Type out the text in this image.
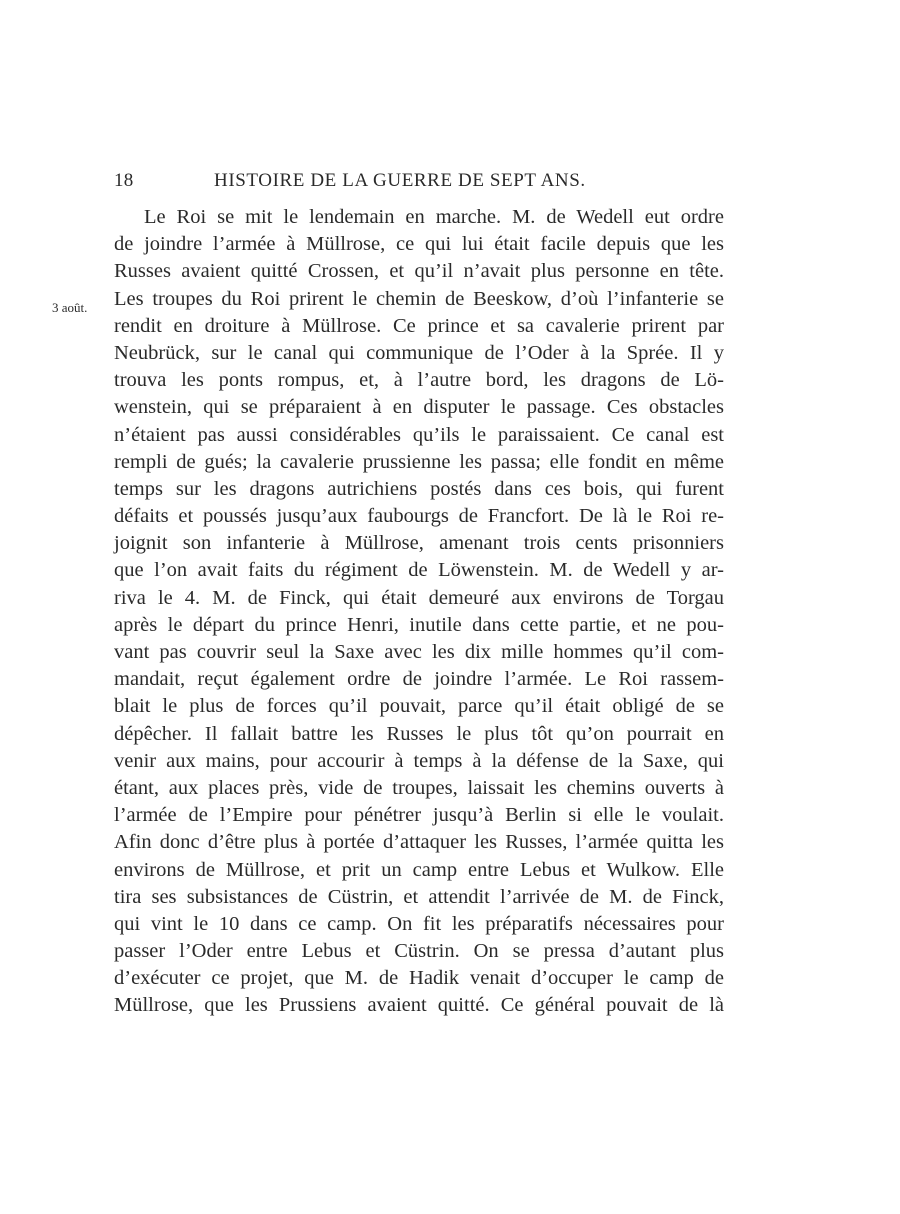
18	HISTOIRE DE LA GUERRE DE SEPT ANS.
3 août.
Le Roi se mit le lendemain en marche. M. de Wedell eut ordre
de joindre l’armée à Müllrose, ce qui lui était facile depuis que les
Russes avaient quitté Crossen, et qu’il n’avait plus personne en tête.
Les troupes du Roi prirent le chemin de Beeskow, d’où l’infanterie se
rendit en droiture à Müllrose. Ce prince et sa cavalerie prirent par
Neubrück, sur le canal qui communique de l’Oder à la Sprée. Il y
trouva les ponts rompus, et, à l’autre bord, les dragons de Lö-
wenstein, qui se préparaient à en disputer le passage. Ces obstacles
n’étaient pas aussi considérables qu’ils le paraissaient. Ce canal est
rempli de gués; la cavalerie prussienne les passa; elle fondit en même
temps sur les dragons autrichiens postés dans ces bois, qui furent
défaits et poussés jusqu’aux faubourgs de Francfort. De là le Roi re-
joignit son infanterie à Müllrose, amenant trois cents prisonniers
que l’on avait faits du régiment de Löwenstein. M. de Wedell y ar-
riva le 4. M. de Finck, qui était demeuré aux environs de Torgau
après le départ du prince Henri, inutile dans cette partie, et ne pou-
vant pas couvrir seul la Saxe avec les dix mille hommes qu’il com-
mandait, reçut également ordre de joindre l’armée. Le Roi rassem-
blait le plus de forces qu’il pouvait, parce qu’il était obligé de se
dépêcher. Il fallait battre les Russes le plus tôt qu’on pourrait en
venir aux mains, pour accourir à temps à la défense de la Saxe, qui
étant, aux places près, vide de troupes, laissait les chemins ouverts à
l’armée de l’Empire pour pénétrer jusqu’à Berlin si elle le voulait.
Afin donc d’être plus à portée d’attaquer les Russes, l’armée quitta les
environs de Müllrose, et prit un camp entre Lebus et Wulkow. Elle
tira ses subsistances de Cüstrin, et attendit l’arrivée de M. de Finck,
qui vint le 10 dans ce camp. On fit les préparatifs nécessaires pour
passer l’Oder entre Lebus et Cüstrin. On se pressa d’autant plus
d’exécuter ce projet, que M. de Hadik venait d’occuper le camp de
Müllrose, que les Prussiens avaient quitté. Ce général pouvait de là
